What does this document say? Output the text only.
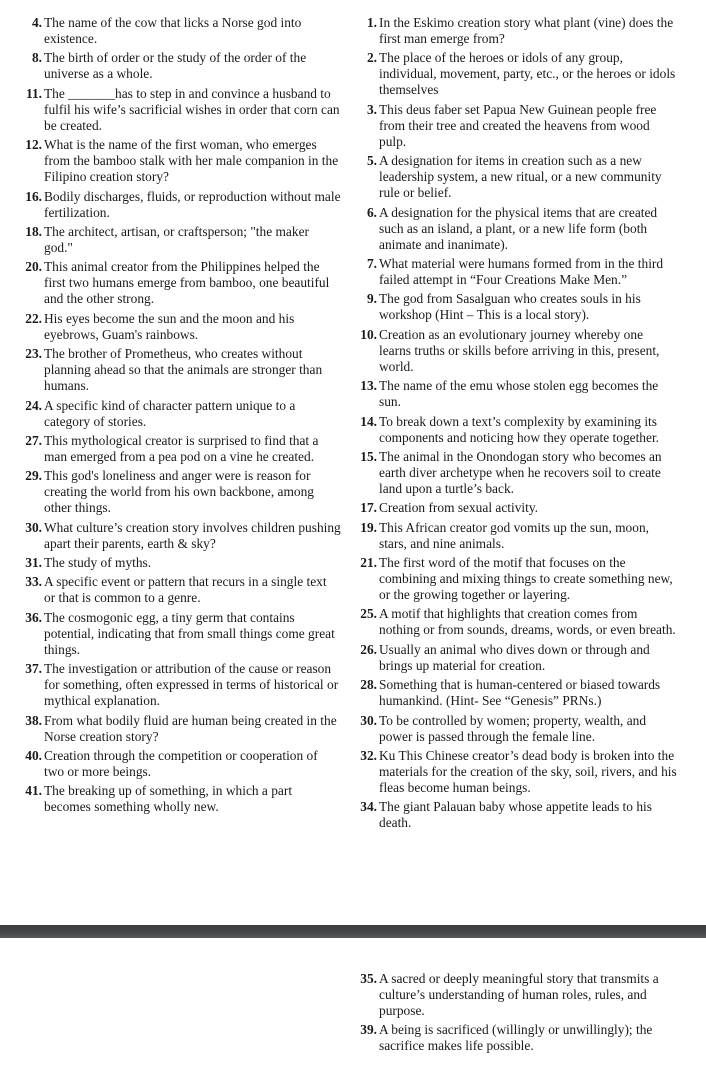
4. The name of the cow that licks a Norse god into existence.
8. The birth of order or the study of the order of the universe as a whole.
11. The _______has to step in and convince a husband to fulfil his wife’s sacrificial wishes in order that corn can be created.
12. What is the name of the first woman, who emerges from the bamboo stalk with her male companion in the Filipino creation story?
16. Bodily discharges, fluids, or reproduction without male fertilization.
18. The architect, artisan, or craftsperson; "the maker god."
20. This animal creator from the Philippines helped the first two humans emerge from bamboo, one beautiful and the other strong.
22. His eyes become the sun and the moon and his eyebrows, Guam's rainbows.
23. The brother of Prometheus, who creates without planning ahead so that the animals are stronger than humans.
24. A specific kind of character pattern unique to a category of stories.
27. This mythological creator is surprised to find that a man emerged from a pea pod on a vine he created.
29. This god's loneliness and anger were is reason for creating the world from his own backbone, among other things.
30. What culture’s creation story involves children pushing apart their parents, earth & sky?
31. The study of myths.
33. A specific event or pattern that recurs in a single text or that is common to a genre.
36. The cosmogonic egg, a tiny germ that contains potential, indicating that from small things come great things.
37. The investigation or attribution of the cause or reason for something, often expressed in terms of historical or mythical explanation.
38. From what bodily fluid are human being created in the Norse creation story?
40. Creation through the competition or cooperation of two or more beings.
41. The breaking up of something, in which a part becomes something wholly new.
1. In the Eskimo creation story what plant (vine) does the first man emerge from?
2. The place of the heroes or idols of any group, individual, movement, party, etc., or the heroes or idols themselves
3. This deus faber set Papua New Guinean people free from their tree and created the heavens from wood pulp.
5. A designation for items in creation such as a new leadership system, a new ritual, or a new community rule or belief.
6. A designation for the physical items that are created such as an island, a plant, or a new life form (both animate and inanimate).
7. What material were humans formed from in the third failed attempt in “Four Creations Make Men.”
9. The god from Sasalguan who creates souls in his workshop (Hint – This is a local story).
10. Creation as an evolutionary journey whereby one learns truths or skills before arriving in this, present, world.
13. The name of the emu whose stolen egg becomes the sun.
14. To break down a text’s complexity by examining its components and noticing how they operate together.
15. The animal in the Onondogan story who becomes an earth diver archetype when he recovers soil to create land upon a turtle’s back.
17. Creation from sexual activity.
19. This African creator god vomits up the sun, moon, stars, and nine animals.
21. The first word of the motif that focuses on the combining and mixing things to create something new, or the growing together or layering.
25. A motif that highlights that creation comes from nothing or from sounds, dreams, words, or even breath.
26. Usually an animal who dives down or through and brings up material for creation.
28. Something that is human-centered or biased towards humankind. (Hint- See “Genesis” PRNs.)
30. To be controlled by women; property, wealth, and power is passed through the female line.
32. Ku This Chinese creator’s dead body is broken into the materials for the creation of the sky, soil, rivers, and his fleas become human beings.
34. The giant Palauan baby whose appetite leads to his death.
35. A sacred or deeply meaningful story that transmits a culture’s understanding of human roles, rules, and purpose.
39. A being is sacrificed (willingly or unwillingly); the sacrifice makes life possible.
